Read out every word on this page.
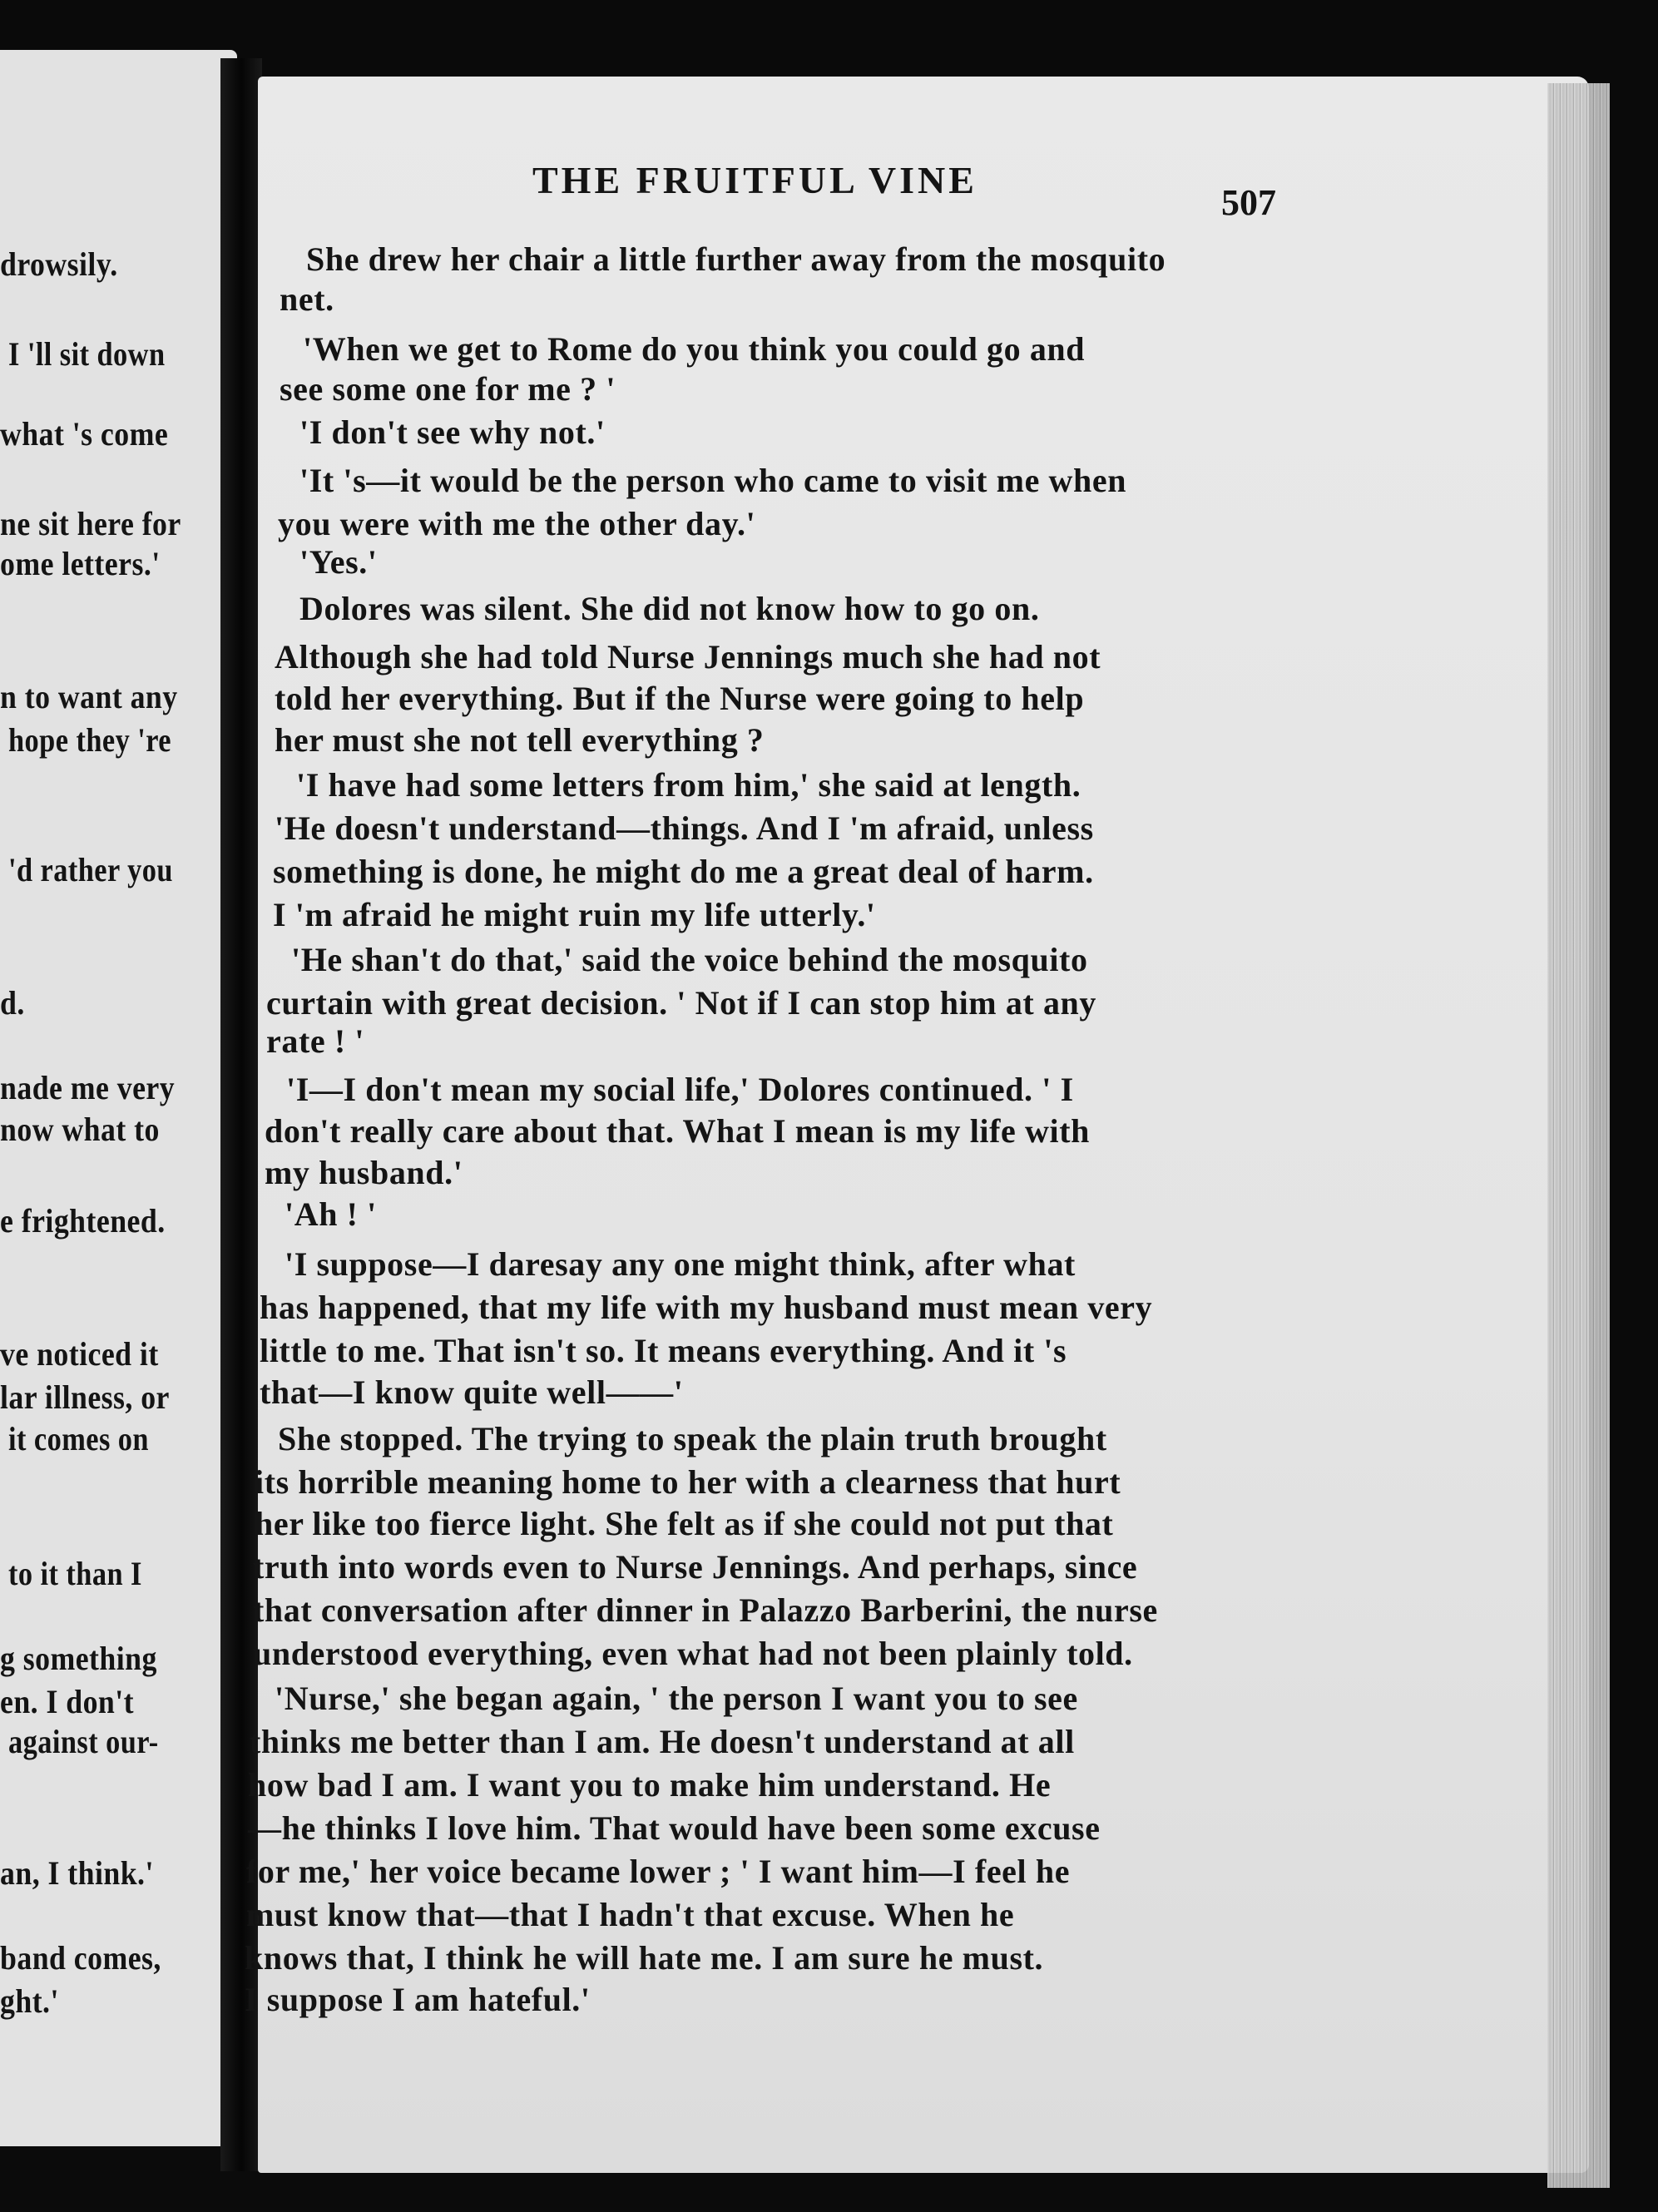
drowsily.
I 'll sit down
what 's come
ne sit here for
ome letters.'
n to want any
hope they 're
'd rather you
d.
nade me very
now what to
e frightened.
ve noticed it
lar illness, or
it comes on
to it than I
g something
en. I don't
against our-
an, I think.'
band comes,
ght.'
THE FRUITFUL VINE
507
She drew her chair a little further away from the mosquito
net.
'When we get to Rome do you think you could go and
see some one for me ? '
'I don't see why not.'
'It 's—it would be the person who came to visit me when
you were with me the other day.'
'Yes.'
Dolores was silent. She did not know how to go on.
Although she had told Nurse Jennings much she had not
told her everything. But if the Nurse were going to help
her must she not tell everything ?
'I have had some letters from him,' she said at length.
'He doesn't understand—things. And I 'm afraid, unless
something is done, he might do me a great deal of harm.
I 'm afraid he might ruin my life utterly.'
'He shan't do that,' said the voice behind the mosquito
curtain with great decision. ' Not if I can stop him at any
rate ! '
'I—I don't mean my social life,' Dolores continued. ' I
don't really care about that. What I mean is my life with
my husband.'
'Ah ! '
'I suppose—I daresay any one might think, after what
has happened, that my life with my husband must mean very
little to me. That isn't so. It means everything. And it 's
that—I know quite well——'
She stopped. The trying to speak the plain truth brought
its horrible meaning home to her with a clearness that hurt
her like too fierce light. She felt as if she could not put that
truth into words even to Nurse Jennings. And perhaps, since
that conversation after dinner in Palazzo Barberini, the nurse
understood everything, even what had not been plainly told.
'Nurse,' she began again, ' the person I want you to see
thinks me better than I am. He doesn't understand at all
how bad I am. I want you to make him understand. He
—he thinks I love him. That would have been some excuse
for me,' her voice became lower ; ' I want him—I feel he
must know that—that I hadn't that excuse. When he
knows that, I think he will hate me. I am sure he must.
I suppose I am hateful.'
